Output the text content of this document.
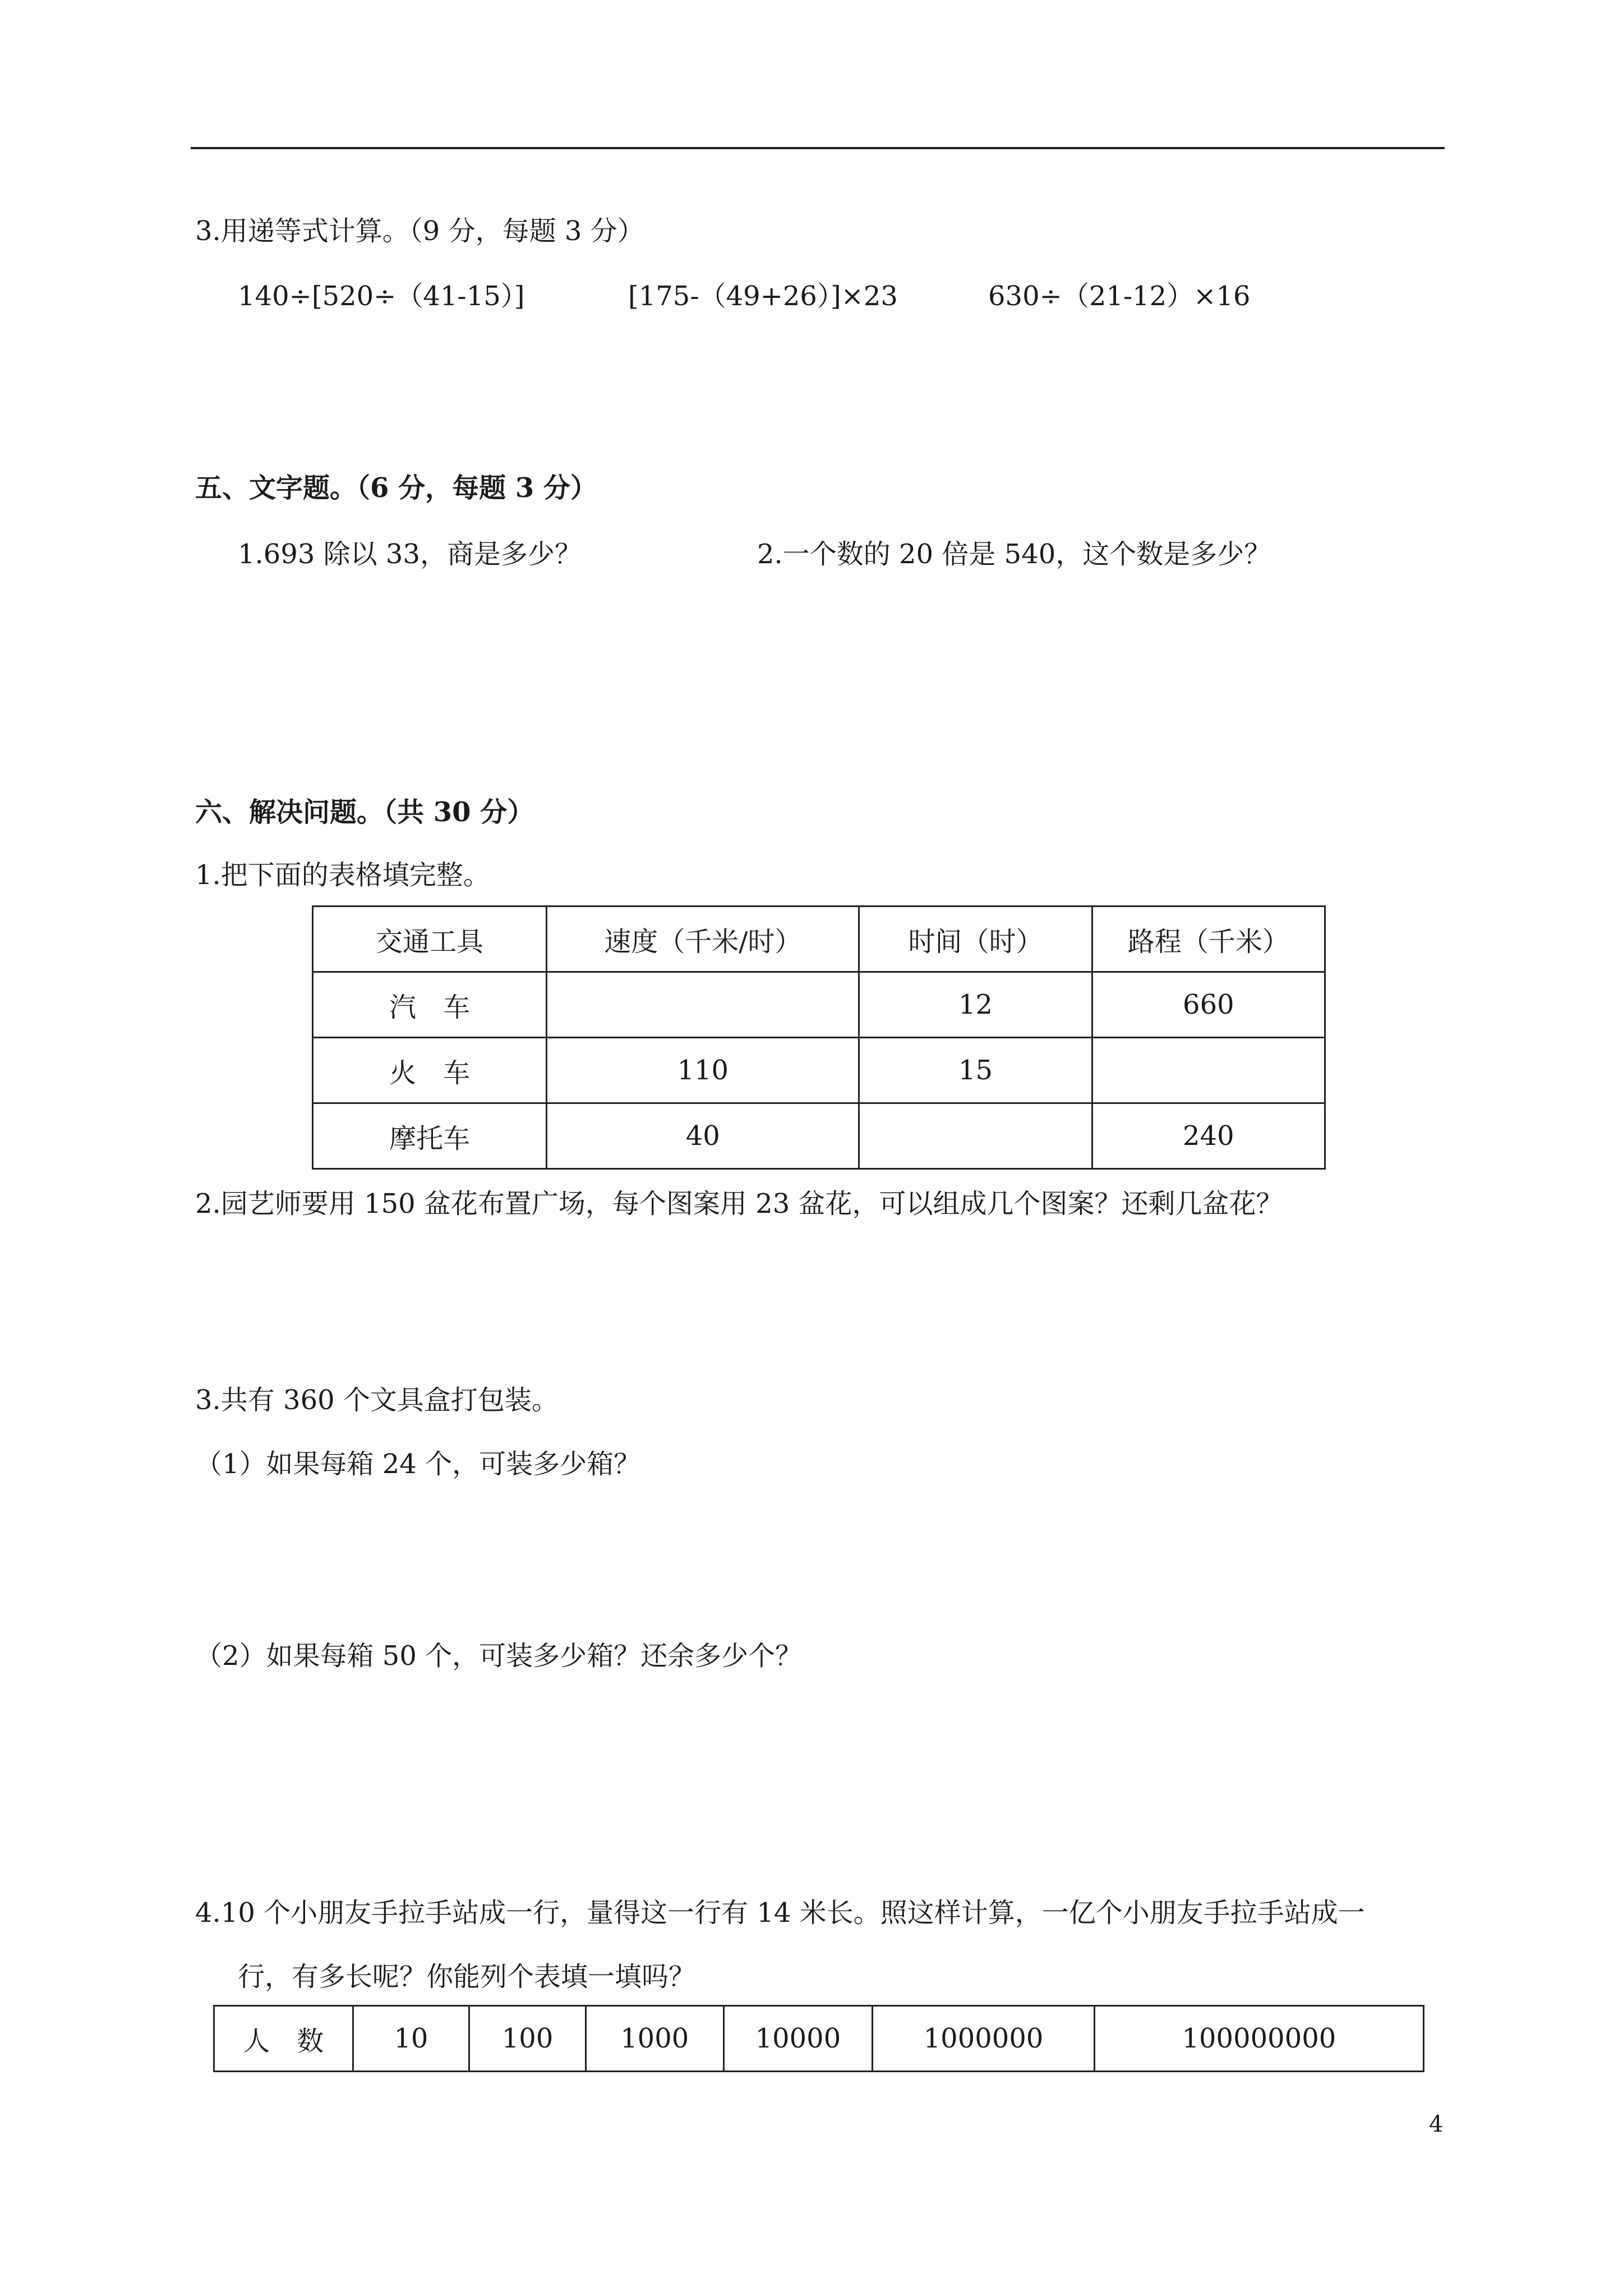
3.用递等式计算。（9 分，每题 3 分）
140÷[520÷（41-15）]	[175-（49+26）]×23	630÷（21-12）×16
五、文字题。（6 分，每题 3 分）
1.693 除以 33，商是多少？	2.一个数的 20 倍是 540，这个数是多少？
六、解决问题。（共 30 分）
1.把下面的表格填完整。
交通工具	速度（千米/时）	时间（时）	路程（千米）
汽　车		12	660
火　车	110	15	
摩托车	40		240
2.园艺师要用 150 盆花布置广场，每个图案用 23 盆花，可以组成几个图案？还剩几盆花？
3.共有 360 个文具盒打包装。
（1）如果每箱 24 个，可装多少箱？
（2）如果每箱 50 个，可装多少箱？还余多少个？
4.10 个小朋友手拉手站成一行，量得这一行有 14 米长。照这样计算，一亿个小朋友手拉手站成一
行，有多长呢？你能列个表填一填吗？
人　数	10	100	1000	10000	1000000	100000000
4
